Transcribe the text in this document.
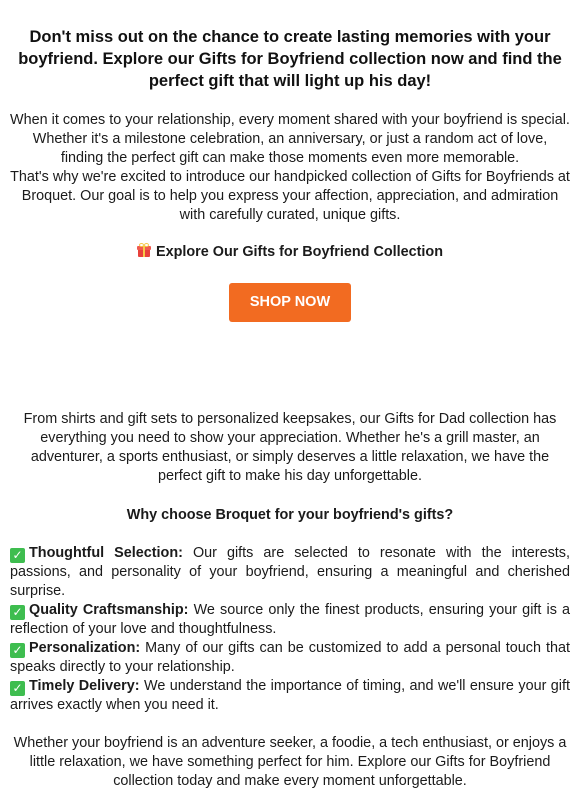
Don't miss out on the chance to create lasting memories with your boyfriend. Explore our Gifts for Boyfriend collection now and find the perfect gift that will light up his day!

When it comes to your relationship, every moment shared with your boyfriend is special. Whether it's a milestone celebration, an anniversary, or just a random act of love, finding the perfect gift can make those moments even more memorable.

That's why we're excited to introduce our handpicked collection of Gifts for Boyfriends at Broquet. Our goal is to help you express your affection, appreciation, and admiration with carefully curated, unique gifts.

Explore Our Gifts for Boyfriend Collection

SHOP NOW

From shirts and gift sets to personalized keepsakes, our Gifts for Dad collection has everything you need to show your appreciation. Whether he's a grill master, an adventurer, a sports enthusiast, or simply deserves a little relaxation, we have the perfect gift to make his day unforgettable.

Why choose Broquet for your boyfriend's gifts?

✓ Thoughtful Selection: Our gifts are selected to resonate with the interests, passions, and personality of your boyfriend, ensuring a meaningful and cherished surprise.
✓ Quality Craftsmanship: We source only the finest products, ensuring your gift is a reflection of your love and thoughtfulness.
✓ Personalization: Many of our gifts can be customized to add a personal touch that speaks directly to your relationship.
✓ Timely Delivery: We understand the importance of timing, and we'll ensure your gift arrives exactly when you need it.

Whether your boyfriend is an adventure seeker, a foodie, a tech enthusiast, or enjoys a little relaxation, we have something perfect for him. Explore our Gifts for Boyfriend collection today and make every moment unforgettable.
